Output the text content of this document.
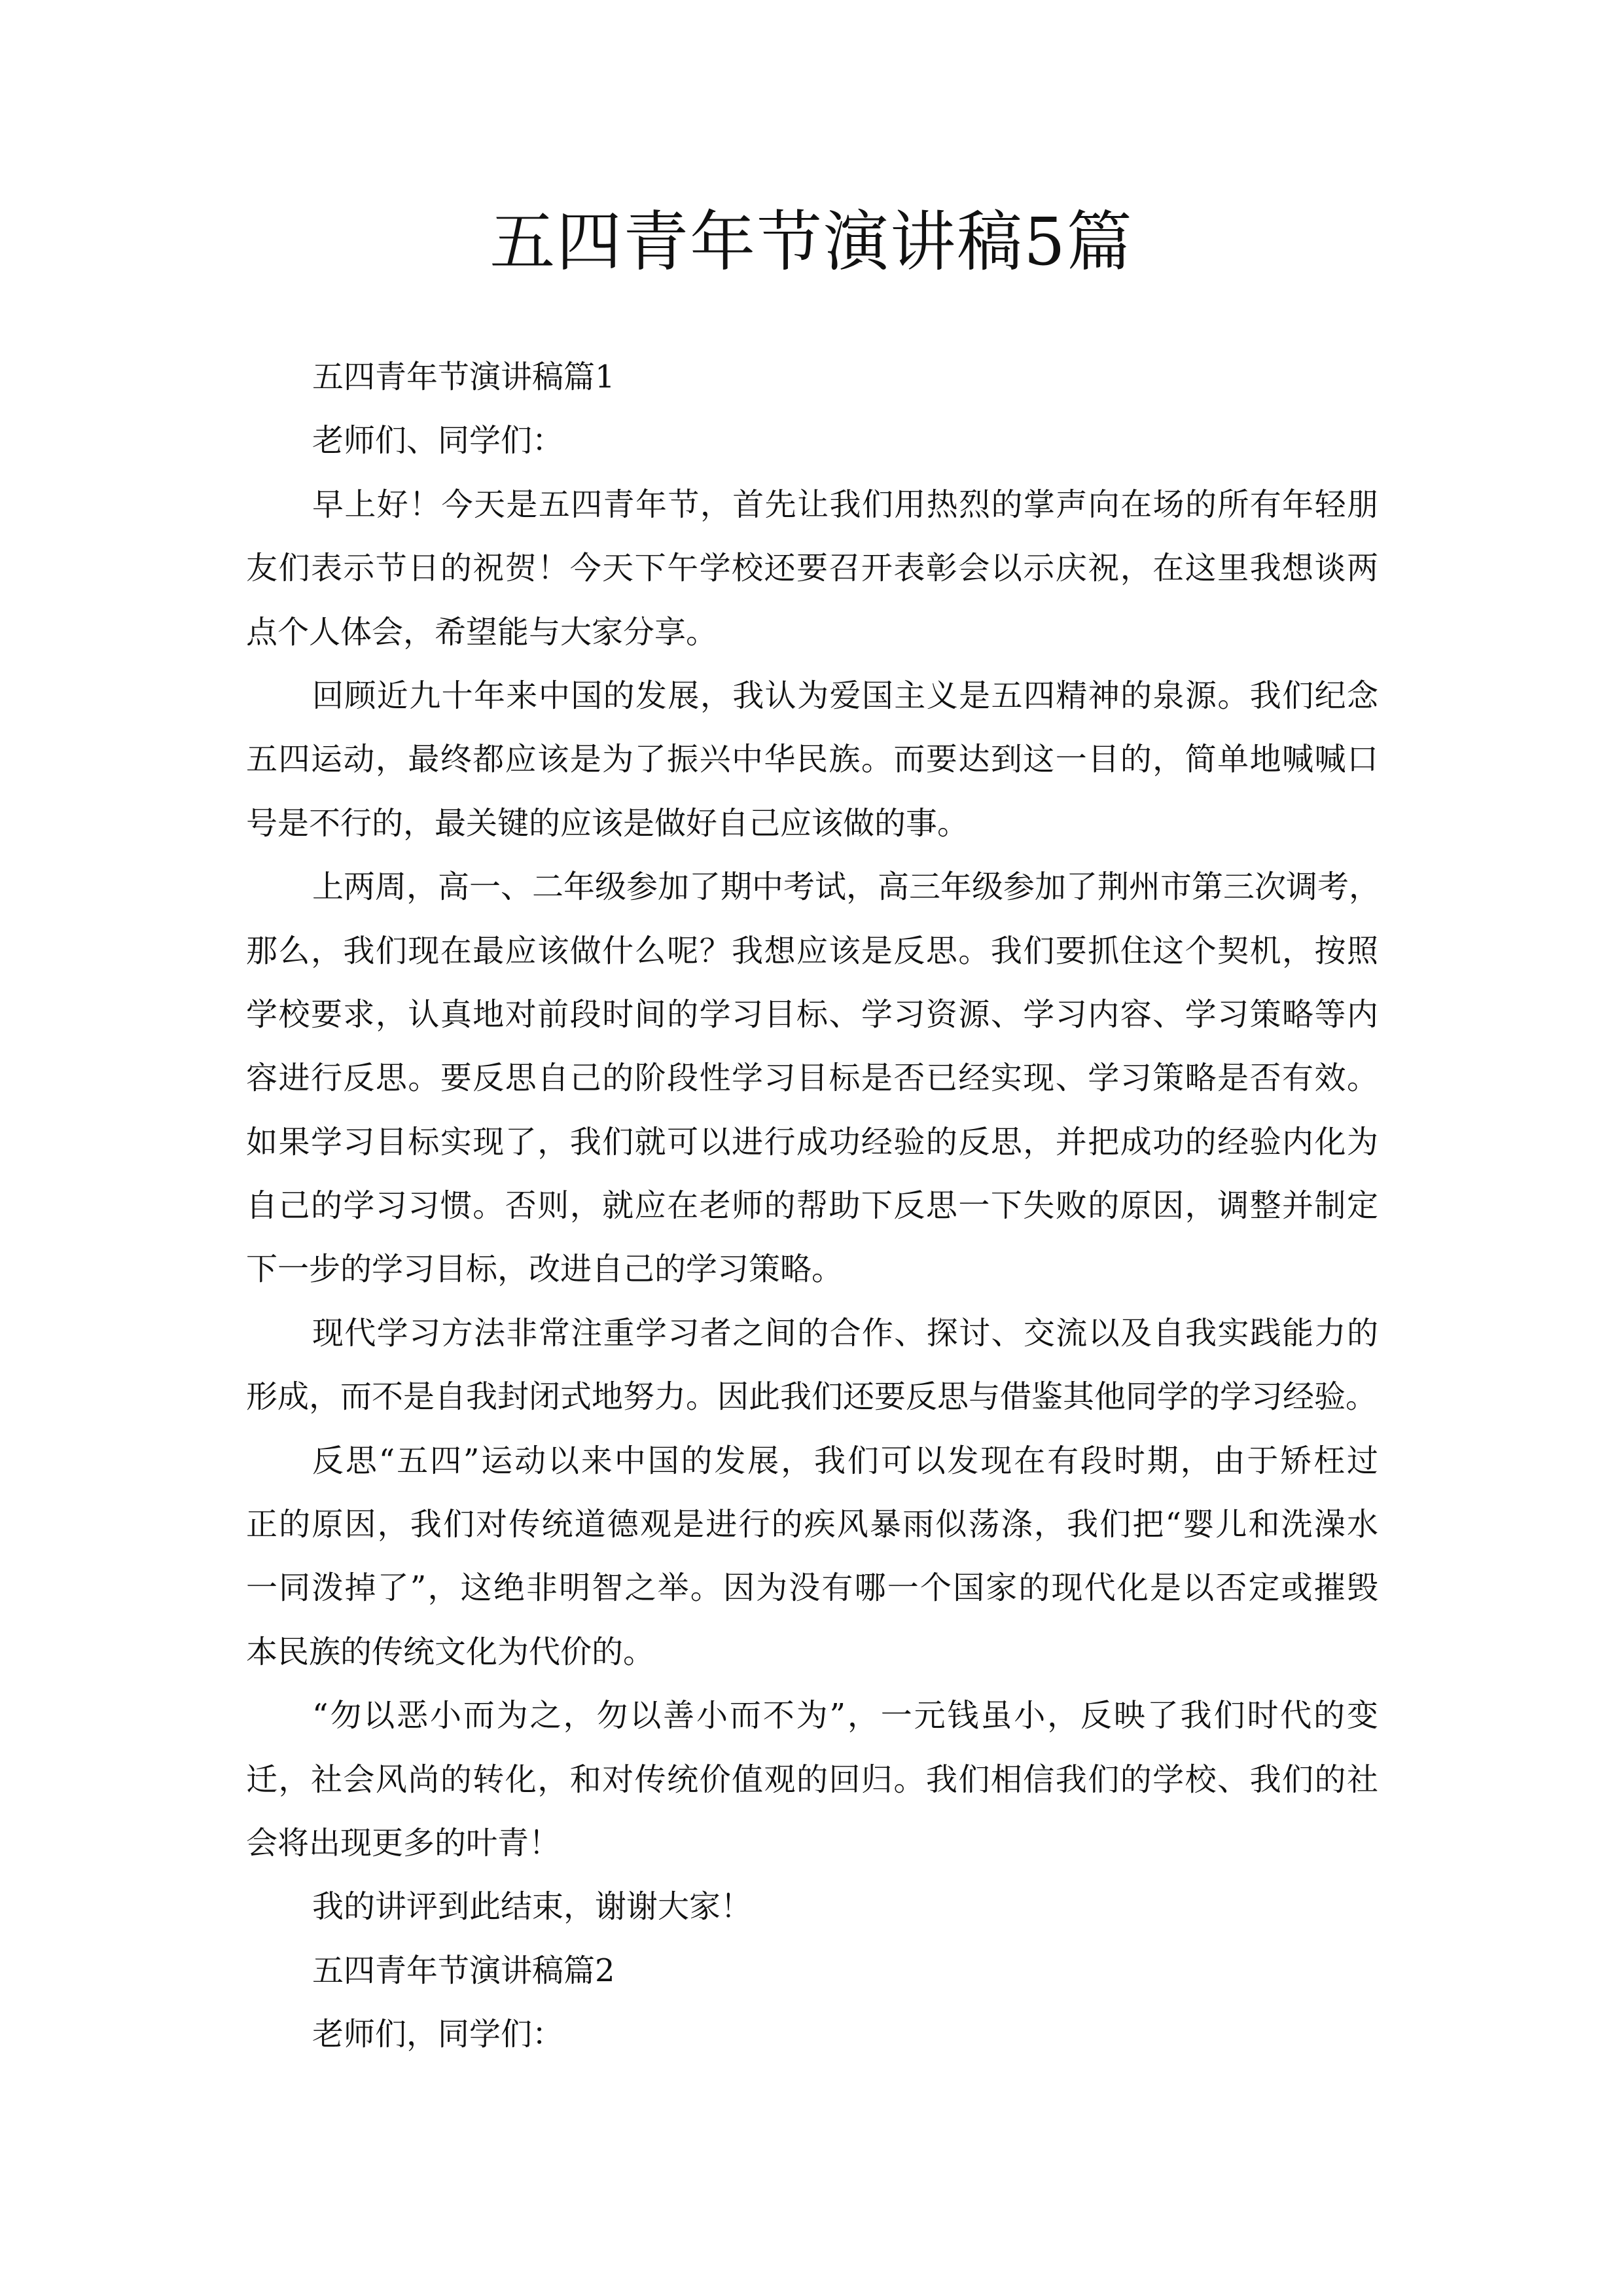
五四青年节演讲稿5篇
五四青年节演讲稿篇1
老师们、同学们：
早上好！今天是五四青年节，首先让我们用热烈的掌声向在场的所有年轻朋
友们表示节日的祝贺！今天下午学校还要召开表彰会以示庆祝，在这里我想谈两
点个人体会，希望能与大家分享。
回顾近九十年来中国的发展，我认为爱国主义是五四精神的泉源。我们纪念
五四运动，最终都应该是为了振兴中华民族。而要达到这一目的，简单地喊喊口
号是不行的，最关键的应该是做好自己应该做的事。
上两周，高一、二年级参加了期中考试，高三年级参加了荆州市第三次调考，
那么，我们现在最应该做什么呢？我想应该是反思。我们要抓住这个契机，按照
学校要求，认真地对前段时间的学习目标、学习资源、学习内容、学习策略等内
容进行反思。要反思自己的阶段性学习目标是否已经实现、学习策略是否有效。
如果学习目标实现了，我们就可以进行成功经验的反思，并把成功的经验内化为
自己的学习习惯。否则，就应在老师的帮助下反思一下失败的原因，调整并制定
下一步的学习目标，改进自己的学习策略。
现代学习方法非常注重学习者之间的合作、探讨、交流以及自我实践能力的
形成，而不是自我封闭式地努力。因此我们还要反思与借鉴其他同学的学习经验。
反思“五四”运动以来中国的发展，我们可以发现在有段时期，由于矫枉过
正的原因，我们对传统道德观是进行的疾风暴雨似荡涤，我们把“婴儿和洗澡水
一同泼掉了”，这绝非明智之举。因为没有哪一个国家的现代化是以否定或摧毁
本民族的传统文化为代价的。
“勿以恶小而为之，勿以善小而不为”，一元钱虽小，反映了我们时代的变
迁，社会风尚的转化，和对传统价值观的回归。我们相信我们的学校、我们的社
会将出现更多的叶青！
我的讲评到此结束，谢谢大家！
五四青年节演讲稿篇2
老师们，同学们：
